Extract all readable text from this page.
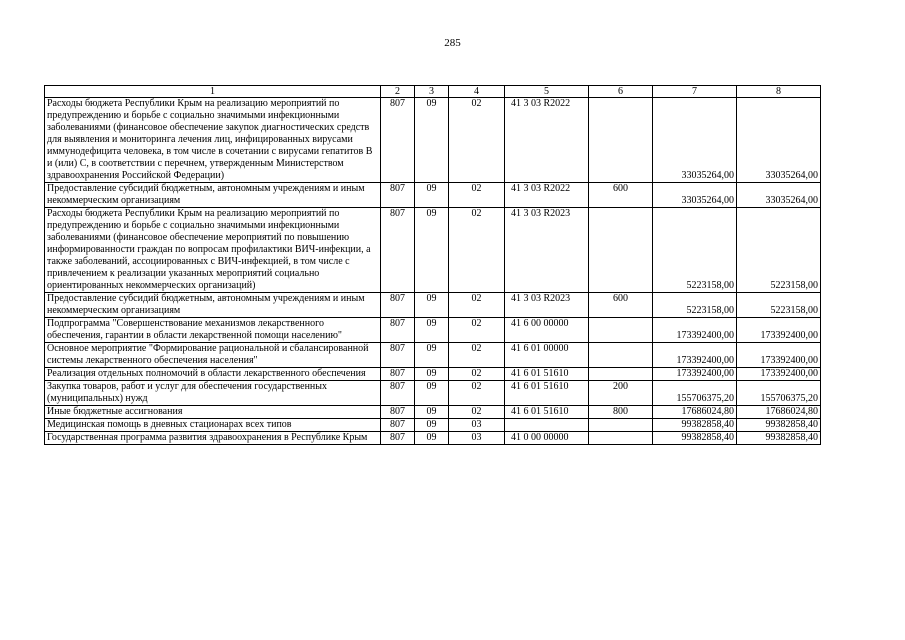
285
1	2	3	4	5	6	7	8
Расходы бюджета Республики Крым на реализацию мероприятий по предупреждению и борьбе с социально значимыми инфекционными заболеваниями (финансовое обеспечение закупок диагностических средств для выявления и мониторинга лечения лиц, инфицированных вирусами иммунодефицита человека, в том числе в сочетании с вирусами гепатитов В и (или) С, в соответствии с перечнем, утвержденным Министерством здравоохранения Российской Федерации)	807	09	02	41 3 03 R2022		33035264,00	33035264,00
Предоставление субсидий бюджетным, автономным учреждениям и иным некоммерческим организациям	807	09	02	41 3 03 R2022	600	33035264,00	33035264,00
Расходы бюджета Республики Крым на реализацию мероприятий по предупреждению и борьбе с социально значимыми инфекционными заболеваниями (финансовое обеспечение мероприятий по повышению информированности граждан по вопросам профилактики ВИЧ-инфекции, а также заболеваний, ассоциированных с ВИЧ-инфекцией, в том числе с привлечением к реализации указанных мероприятий социально ориентированных некоммерческих организаций)	807	09	02	41 3 03 R2023		5223158,00	5223158,00
Предоставление субсидий бюджетным, автономным учреждениям и иным некоммерческим организациям	807	09	02	41 3 03 R2023	600	5223158,00	5223158,00
Подпрограмма "Совершенствование механизмов лекарственного обеспечения, гарантии в области лекарственной помощи населению"	807	09	02	41 6 00 00000		173392400,00	173392400,00
Основное мероприятие "Формирование рациональной и сбалансированной системы лекарственного обеспечения населения"	807	09	02	41 6 01 00000		173392400,00	173392400,00
Реализация отдельных полномочий в области лекарственного обеспечения	807	09	02	41 6 01 51610		173392400,00	173392400,00
Закупка товаров, работ и услуг для обеспечения государственных (муниципальных) нужд	807	09	02	41 6 01 51610	200	155706375,20	155706375,20
Иные бюджетные ассигнования	807	09	02	41 6 01 51610	800	17686024,80	17686024,80
Медицинская помощь в дневных стационарах всех типов	807	09	03			99382858,40	99382858,40
Государственная программа развития здравоохранения в Республике Крым	807	09	03	41 0 00 00000		99382858,40	99382858,40
